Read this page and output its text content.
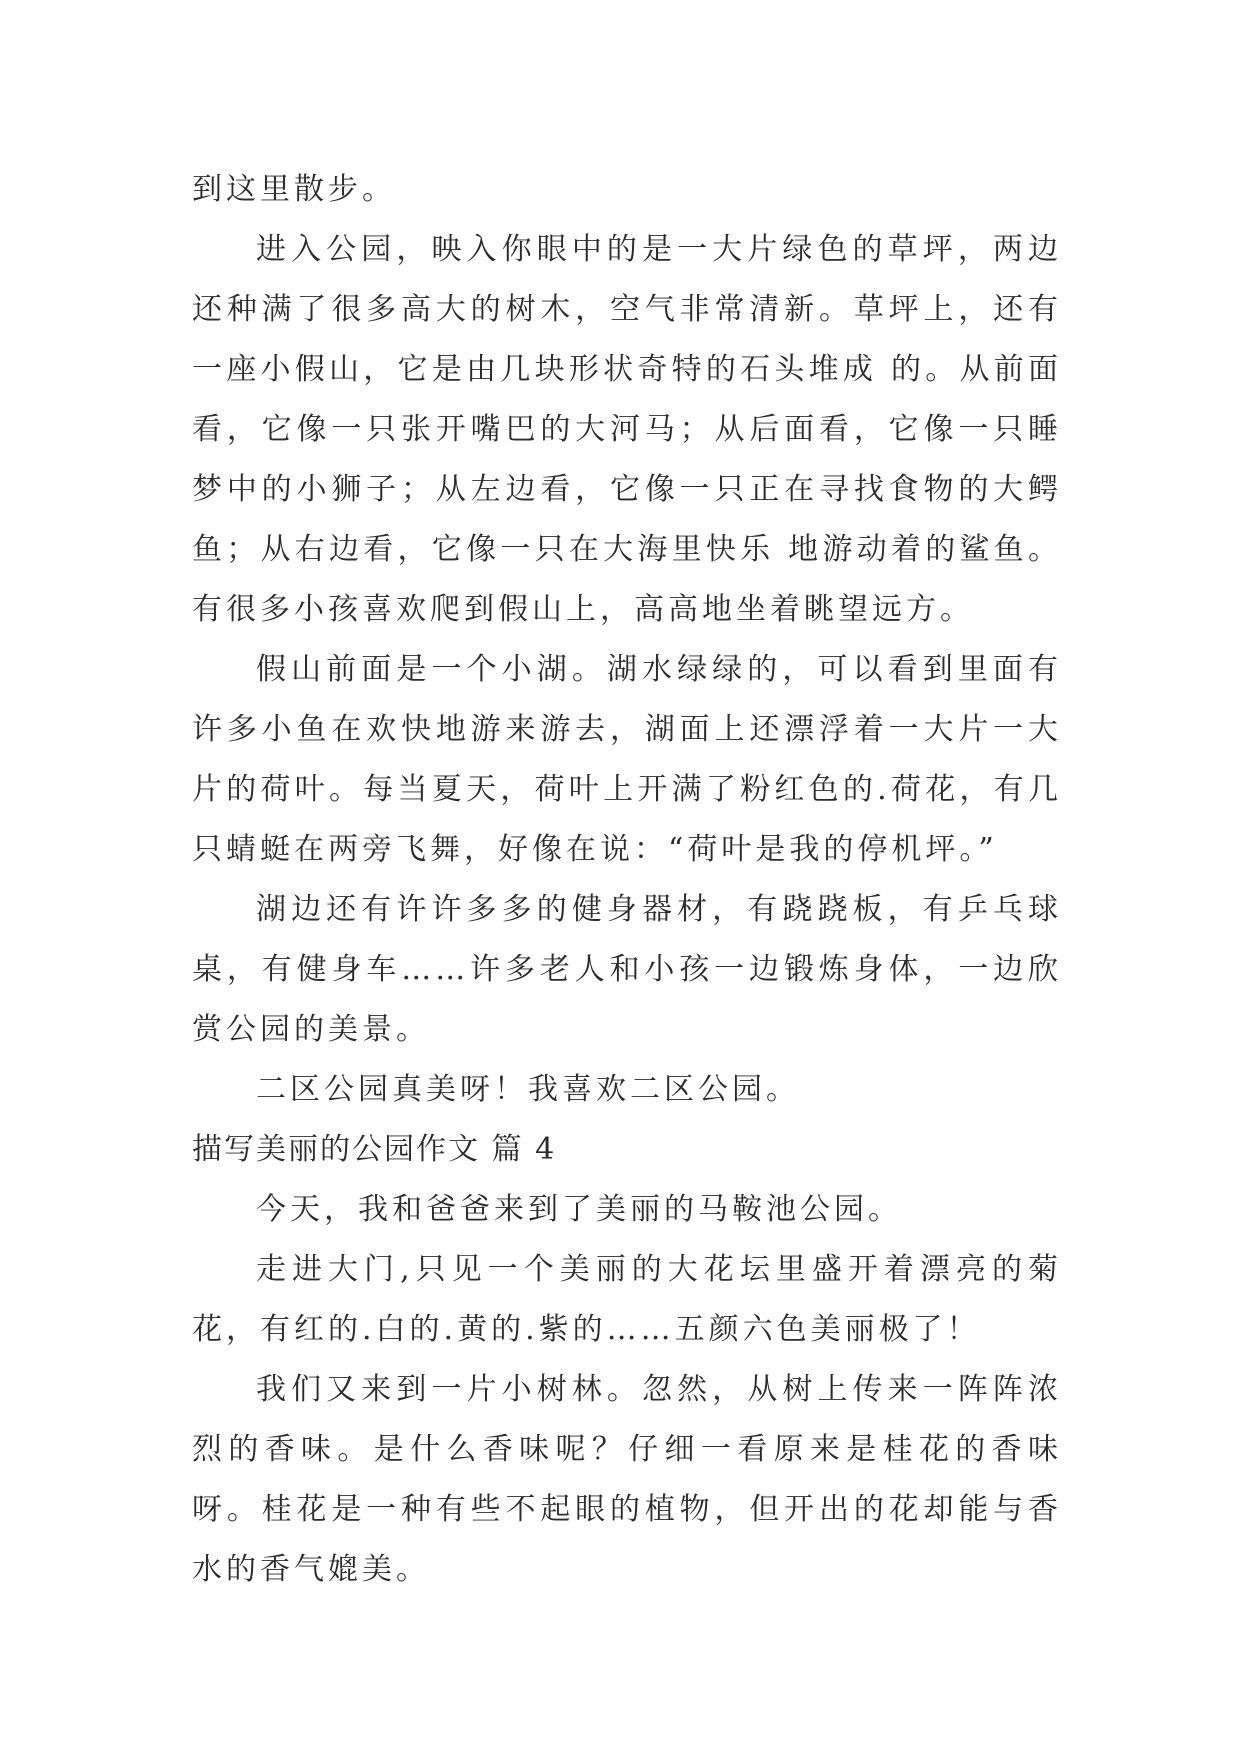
到这里散步。

进入公园，映入你眼中的是一大片绿色的草坪，两边还种满了很多高大的树木，空气非常清新。草坪上，还有一座小假山，它是由几块形状奇特的石头堆成 的。从前面看，它像一只张开嘴巴的大河马；从后面看，它像一只睡梦中的小狮子；从左边看，它像一只正在寻找食物的大鳄鱼；从右边看，它像一只在大海里快乐 地游动着的鲨鱼。有很多小孩喜欢爬到假山上，高高地坐着眺望远方。

假山前面是一个小湖。湖水绿绿的，可以看到里面有许多小鱼在欢快地游来游去，湖面上还漂浮着一大片一大片的荷叶。每当夏天，荷叶上开满了粉红色的.荷花，有几只蜻蜓在两旁飞舞，好像在说：“荷叶是我的停机坪。”

湖边还有许许多多的健身器材，有跷跷板，有乒乓球桌，有健身车……许多老人和小孩一边锻炼身体，一边欣赏公园的美景。

二区公园真美呀！我喜欢二区公园。

描写美丽的公园作文 篇 4

今天，我和爸爸来到了美丽的马鞍池公园。

走进大门,只见一个美丽的大花坛里盛开着漂亮的菊花，有红的.白的.黄的.紫的……五颜六色美丽极了！

我们又来到一片小树林。忽然，从树上传来一阵阵浓烈的香味。是什么香味呢？仔细一看原来是桂花的香味呀。桂花是一种有些不起眼的植物，但开出的花却能与香水的香气媲美。
